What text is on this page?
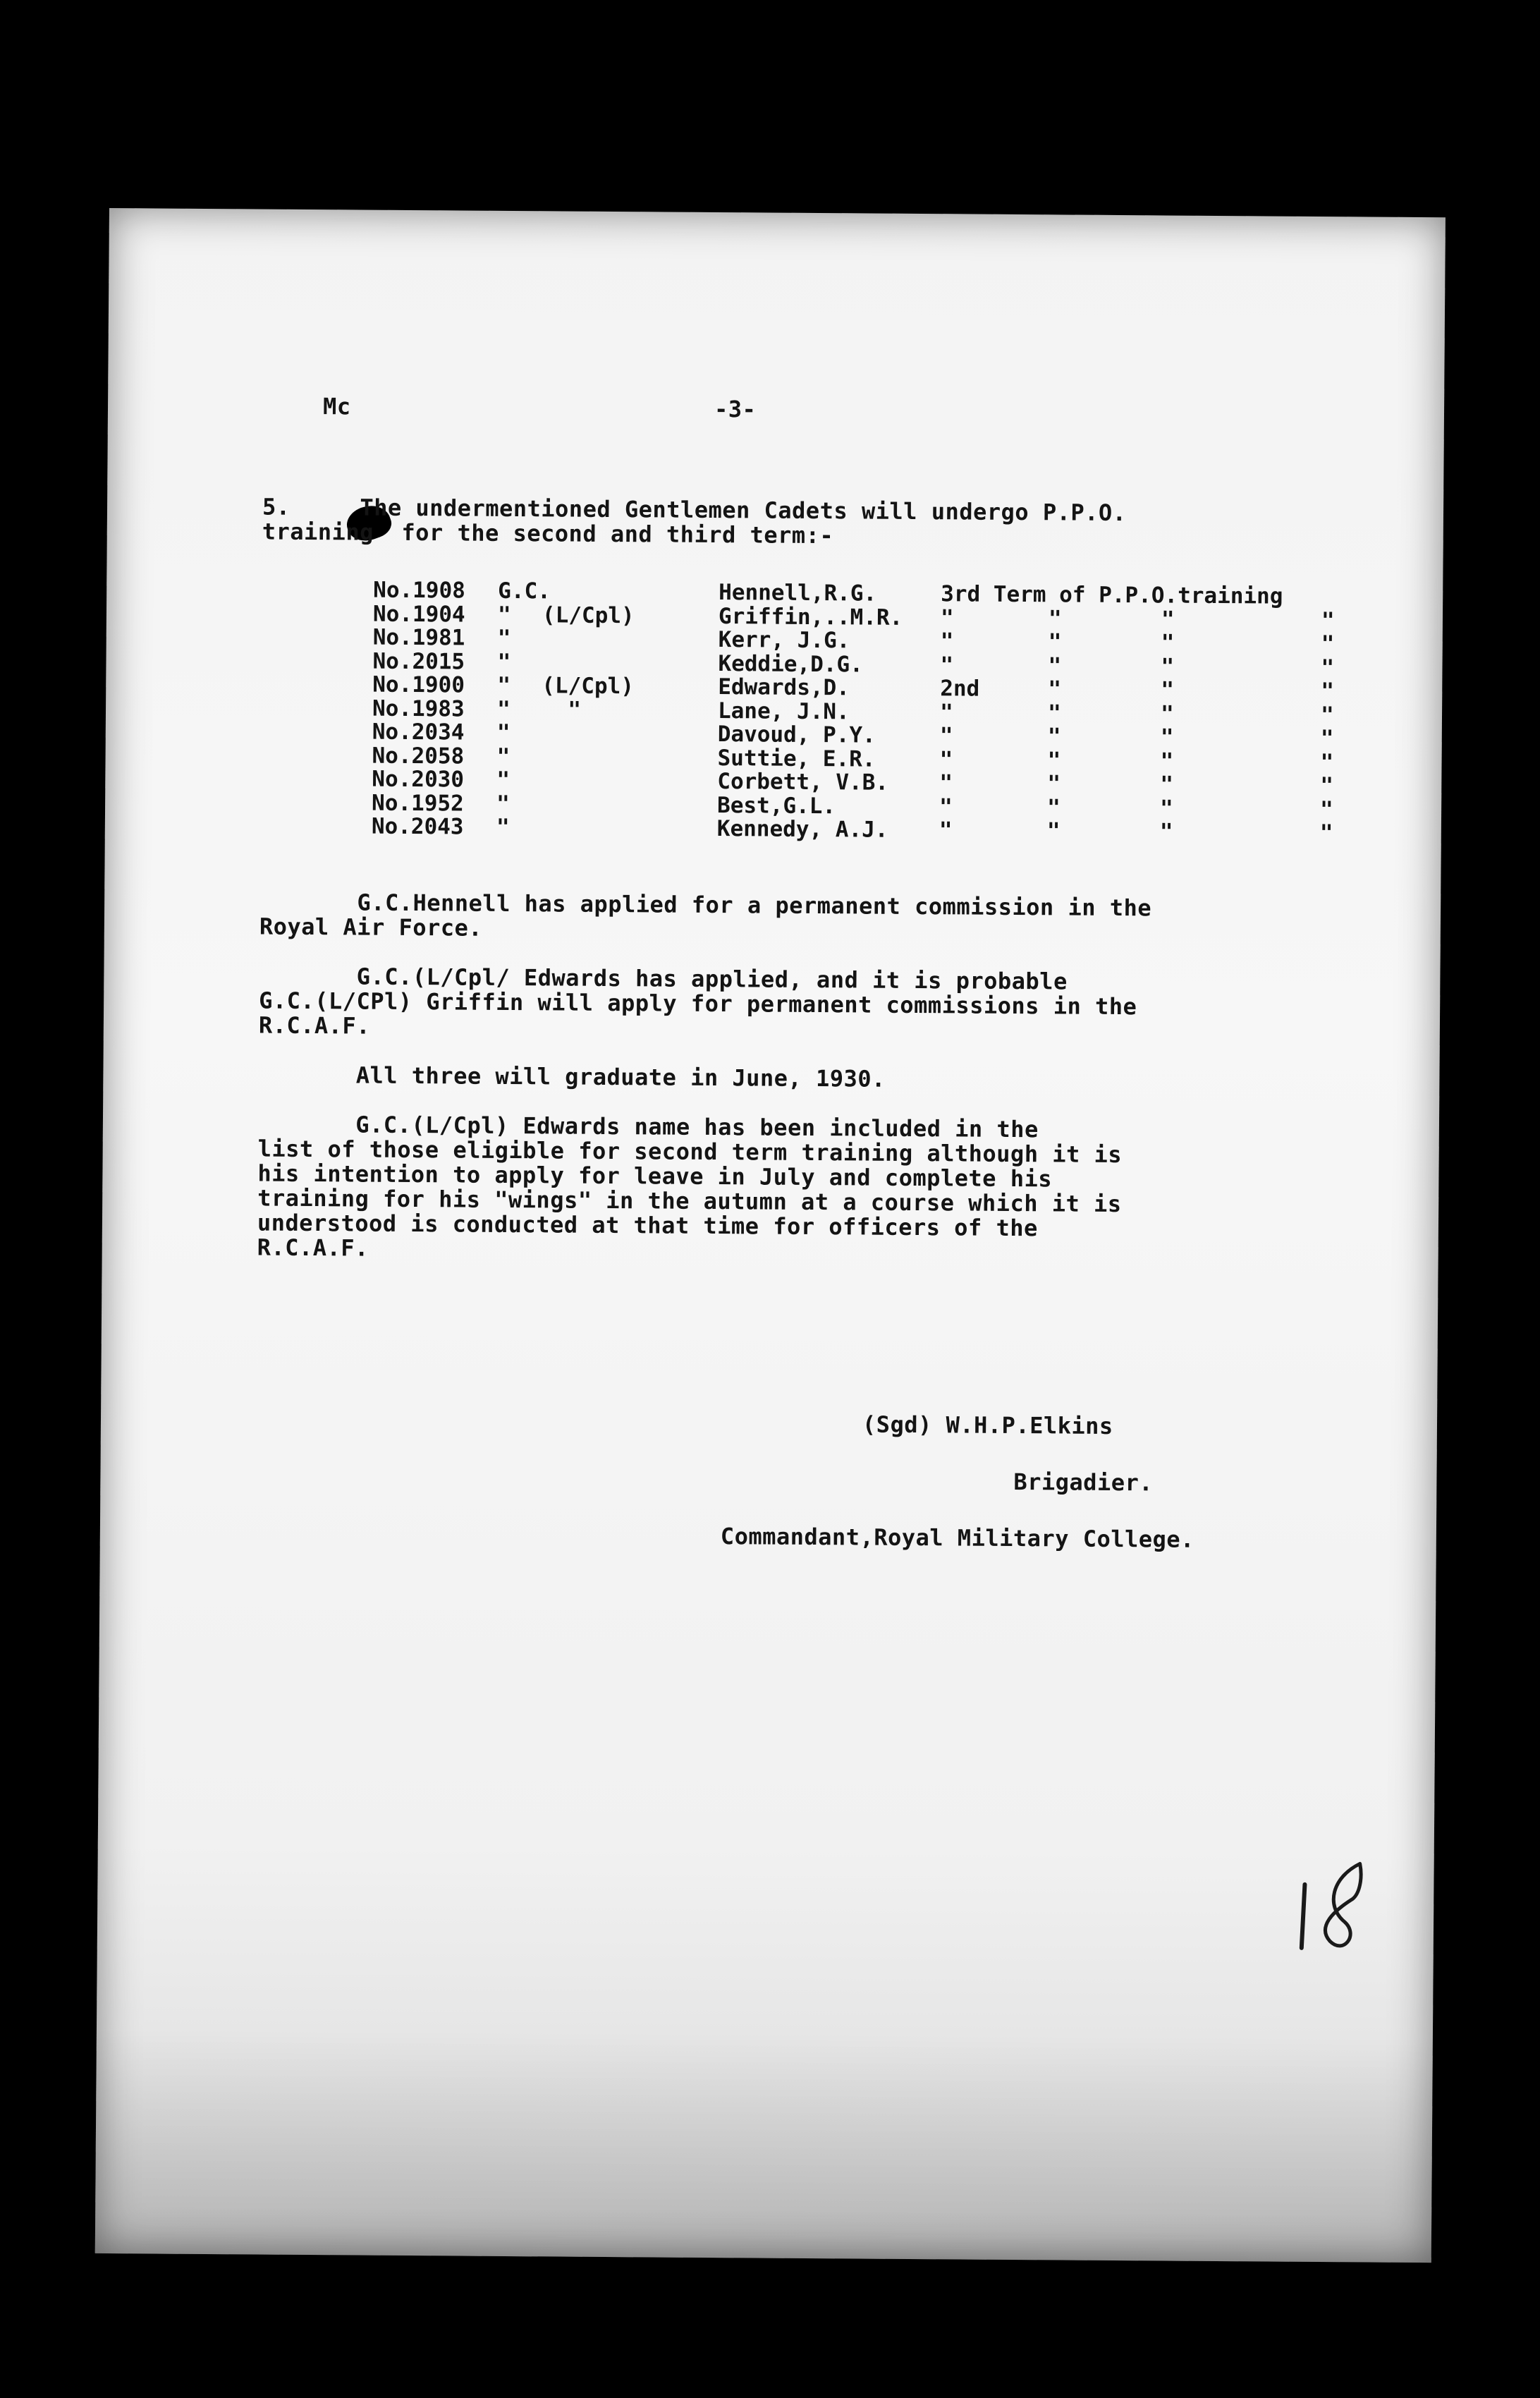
Mc	-3-
5.     The undermentioned Gentlemen Cadets will undergo P.P.O.
training  for the second and third term:-
No.1908 G.C.	Hennell,R.G.	3rd Term of P.P.O.training
No.1904 " (L/Cpl)	Griffin,..M.R. "	"	"	"
No.1981 "	Kerr, J.G.	"	"	"	"
No.2015 "	Keddie,D.G.	"	"	"	"
No.1900 " (L/Cpl)	Edwards,D.	2nd	"	"	"
No.1983 " "	Lane, J.N.	"	"	"	"
No.2034 "	Davoud, P.Y.	"	"	"	"
No.2058 "	Suttie, E.R.	"	"	"	"
No.2030 "	Corbett, V.B. "	"	"	"
No.1952 "	Best,G.L.	"	"	"	"
No.2043 "	Kennedy, A.J. "	"	"	"
G.C.Hennell has applied for a permanent commission in the
Royal Air Force.
G.C.(L/Cpl/ Edwards has applied, and it is probable
G.C.(L/CPl) Griffin will apply for permanent commissions in the
R.C.A.F.
All three will graduate in June, 1930.
G.C.(L/Cpl) Edwards name has been included in the
list of those eligible for second term training although it is
his intention to apply for leave in July and complete his
training for his "wings" in the autumn at a course which it is
understood is conducted at that time for officers of the
R.C.A.F.
(Sgd) W.H.P.Elkins
Brigadier.
Commandant,Royal Military College.
